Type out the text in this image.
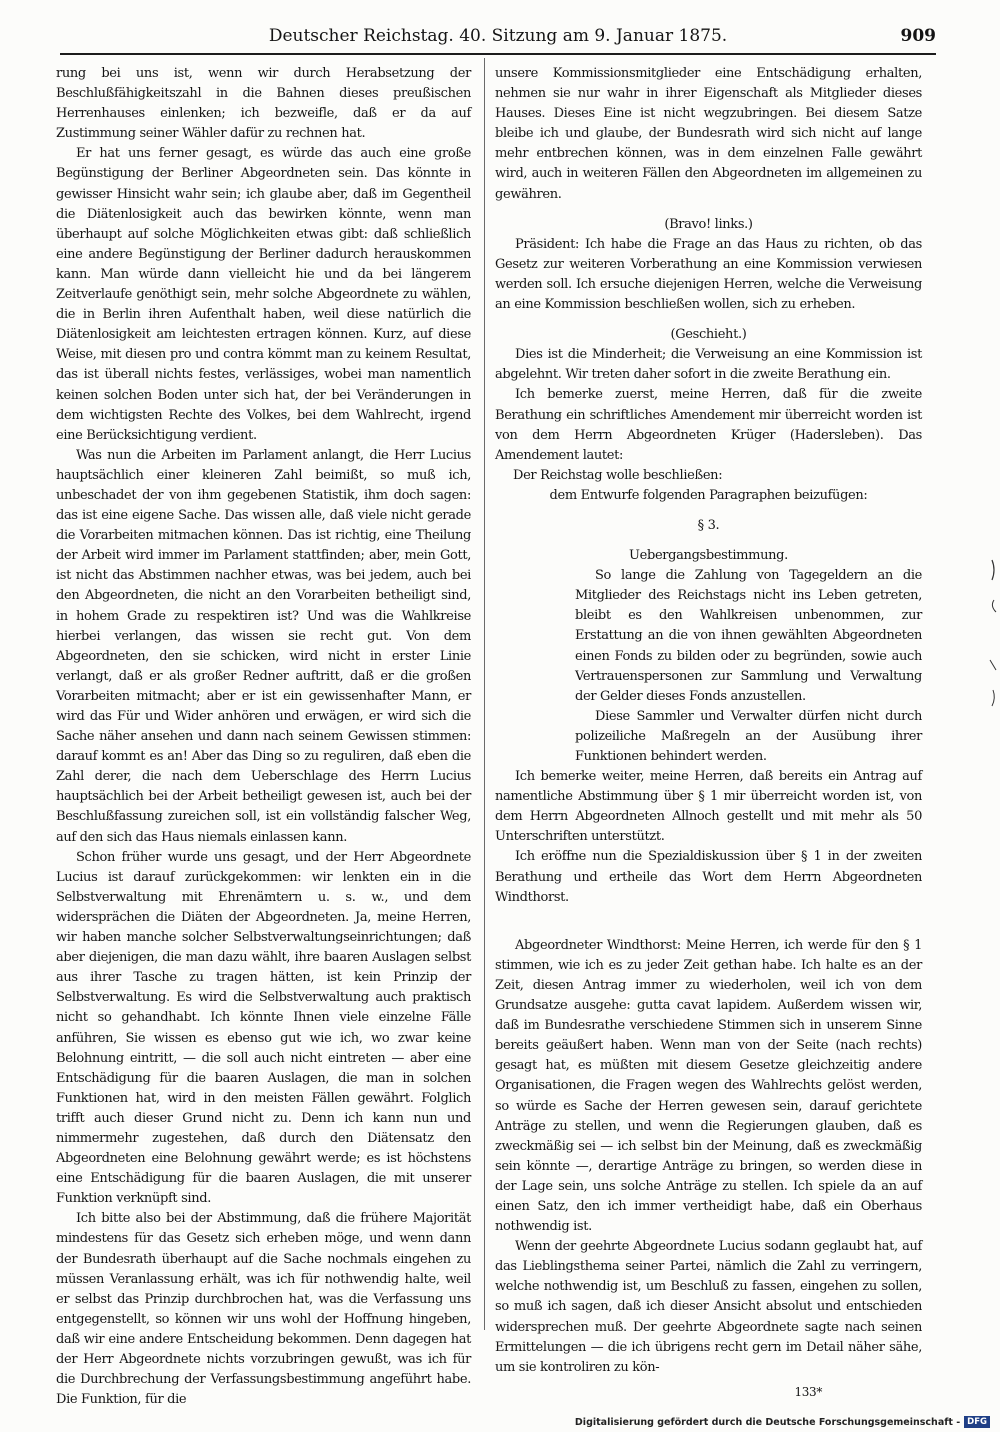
Deutscher Reichstag. 40. Sitzung am 9. Januar 1875.	909

rung bei uns ist, wenn wir durch Herabsetzung der Beschlußfähigkeitszahl in die Bahnen dieses preußischen Herrenhauses einlenken; ich bezweifle, daß er da auf Zustimmung seiner Wähler dafür zu rechnen hat.

Er hat uns ferner gesagt, es würde das auch eine große Begünstigung der Berliner Abgeordneten sein. Das könnte in gewisser Hinsicht wahr sein; ich glaube aber, daß im Gegentheil die Diätenlosigkeit auch das bewirken könnte, wenn man überhaupt auf solche Möglichkeiten etwas gibt: daß schließlich eine andere Begünstigung der Berliner dadurch herauskommen kann. Man würde dann vielleicht hie und da bei längerem Zeitverlaufe genöthigt sein, mehr solche Abgeordnete zu wählen, die in Berlin ihren Aufenthalt haben, weil diese natürlich die Diätenlosigkeit am leichtesten ertragen können. Kurz, auf diese Weise, mit diesen pro und contra kömmt man zu keinem Resultat, das ist überall nichts festes, verlässiges, wobei man namentlich keinen solchen Boden unter sich hat, der bei Veränderungen in dem wichtigsten Rechte des Volkes, bei dem Wahlrecht, irgend eine Berücksichtigung verdient.

Was nun die Arbeiten im Parlament anlangt, die Herr Lucius hauptsächlich einer kleineren Zahl beimißt, so muß ich, unbeschadet der von ihm gegebenen Statistik, ihm doch sagen: das ist eine eigene Sache. Das wissen alle, daß viele nicht gerade die Vorarbeiten mitmachen können. Das ist richtig, eine Theilung der Arbeit wird immer im Parlament stattfinden; aber, mein Gott, ist nicht das Abstimmen nachher etwas, was bei jedem, auch bei den Abgeordneten, die nicht an den Vorarbeiten betheiligt sind, in hohem Grade zu respektiren ist? Und was die Wahlkreise hierbei verlangen, das wissen sie recht gut. Von dem Abgeordneten, den sie schicken, wird nicht in erster Linie verlangt, daß er als großer Redner auftritt, daß er die großen Vorarbeiten mitmacht; aber er ist ein gewissenhafter Mann, er wird das Für und Wider anhören und erwägen, er wird sich die Sache näher ansehen und dann nach seinem Gewissen stimmen: darauf kommt es an! Aber das Ding so zu reguliren, daß eben die Zahl derer, die nach dem Ueberschlage des Herrn Lucius hauptsächlich bei der Arbeit betheiligt gewesen ist, auch bei der Beschlußfassung zureichen soll, ist ein vollständig falscher Weg, auf den sich das Haus niemals einlassen kann.

Schon früher wurde uns gesagt, und der Herr Abgeordnete Lucius ist darauf zurückgekommen: wir lenkten ein in die Selbstverwaltung mit Ehrenämtern u. s. w., und dem widersprächen die Diäten der Abgeordneten. Ja, meine Herren, wir haben manche solcher Selbstverwaltungseinrichtungen; daß aber diejenigen, die man dazu wählt, ihre baaren Auslagen selbst aus ihrer Tasche zu tragen hätten, ist kein Prinzip der Selbstverwaltung. Es wird die Selbstverwaltung auch praktisch nicht so gehandhabt. Ich könnte Ihnen viele einzelne Fälle anführen, Sie wissen es ebenso gut wie ich, wo zwar keine Belohnung eintritt, — die soll auch nicht eintreten — aber eine Entschädigung für die baaren Auslagen, die man in solchen Funktionen hat, wird in den meisten Fällen gewährt. Folglich trifft auch dieser Grund nicht zu. Denn ich kann nun und nimmermehr zugestehen, daß durch den Diätensatz den Abgeordneten eine Belohnung gewährt werde; es ist höchstens eine Entschädigung für die baaren Auslagen, die mit unserer Funktion verknüpft sind.

Ich bitte also bei der Abstimmung, daß die frühere Majorität mindestens für das Gesetz sich erheben möge, und wenn dann der Bundesrath überhaupt auf die Sache nochmals eingehen zu müssen Veranlassung erhält, was ich für nothwendig halte, weil er selbst das Prinzip durchbrochen hat, was die Verfassung uns entgegenstellt, so können wir uns wohl der Hoffnung hingeben, daß wir eine andere Entscheidung bekommen. Denn dagegen hat der Herr Abgeordnete nichts vorzubringen gewußt, was ich für die Durchbrechung der Verfassungsbestimmung angeführt habe. Die Funktion, für die

unsere Kommissionsmitglieder eine Entschädigung erhalten, nehmen sie nur wahr in ihrer Eigenschaft als Mitglieder dieses Hauses. Dieses Eine ist nicht wegzubringen. Bei diesem Satze bleibe ich und glaube, der Bundesrath wird sich nicht auf lange mehr entbrechen können, was in dem einzelnen Falle gewährt wird, auch in weiteren Fällen den Abgeordneten im allgemeinen zu gewähren.

(Bravo! links.)

Präsident: Ich habe die Frage an das Haus zu richten, ob das Gesetz zur weiteren Vorberathung an eine Kommission verwiesen werden soll. Ich ersuche diejenigen Herren, welche die Verweisung an eine Kommission beschließen wollen, sich zu erheben.

(Geschieht.)

Dies ist die Minderheit; die Verweisung an eine Kommission ist abgelehnt. Wir treten daher sofort in die zweite Berathung ein.

Ich bemerke zuerst, meine Herren, daß für die zweite Berathung ein schriftliches Amendement mir überreicht worden ist von dem Herrn Abgeordneten Krüger (Hadersleben). Das Amendement lautet:

Der Reichstag wolle beschließen:

dem Entwurfe folgenden Paragraphen beizufügen:

§ 3.

Uebergangsbestimmung.

So lange die Zahlung von Tagegeldern an die Mitglieder des Reichstags nicht ins Leben getreten, bleibt es den Wahlkreisen unbenommen, zur Erstattung an die von ihnen gewählten Abgeordneten einen Fonds zu bilden oder zu begründen, sowie auch Vertrauenspersonen zur Sammlung und Verwaltung der Gelder dieses Fonds anzustellen.

Diese Sammler und Verwalter dürfen nicht durch polizeiliche Maßregeln an der Ausübung ihrer Funktionen behindert werden.

Ich bemerke weiter, meine Herren, daß bereits ein Antrag auf namentliche Abstimmung über § 1 mir überreicht worden ist, von dem Herrn Abgeordneten Allnoch gestellt und mit mehr als 50 Unterschriften unterstützt.

Ich eröffne nun die Spezialdiskussion über § 1 in der zweiten Berathung und ertheile das Wort dem Herrn Abgeordneten Windthorst.

Abgeordneter Windthorst: Meine Herren, ich werde für den § 1 stimmen, wie ich es zu jeder Zeit gethan habe. Ich halte es an der Zeit, diesen Antrag immer zu wiederholen, weil ich von dem Grundsatze ausgehe: gutta cavat lapidem. Außerdem wissen wir, daß im Bundesrathe verschiedene Stimmen sich in unserem Sinne bereits geäußert haben. Wenn man von der Seite (nach rechts) gesagt hat, es müßten mit diesem Gesetze gleichzeitig andere Organisationen, die Fragen wegen des Wahlrechts gelöst werden, so würde es Sache der Herren gewesen sein, darauf gerichtete Anträge zu stellen, und wenn die Regierungen glauben, daß es zweckmäßig sei — ich selbst bin der Meinung, daß es zweckmäßig sein könnte —, derartige Anträge zu bringen, so werden diese in der Lage sein, uns solche Anträge zu stellen. Ich spiele da an auf einen Satz, den ich immer vertheidigt habe, daß ein Oberhaus nothwendig ist.

Wenn der geehrte Abgeordnete Lucius sodann geglaubt hat, auf das Lieblingsthema seiner Partei, nämlich die Zahl zu verringern, welche nothwendig ist, um Beschluß zu fassen, eingehen zu sollen, so muß ich sagen, daß ich dieser Ansicht absolut und entschieden widersprechen muß. Der geehrte Abgeordnete sagte nach seinen Ermittelungen — die ich übrigens recht gern im Detail näher sähe, um sie kontroliren zu kön-

133*

Digitalisierung gefördert durch die Deutsche Forschungsgemeinschaft - DFG
